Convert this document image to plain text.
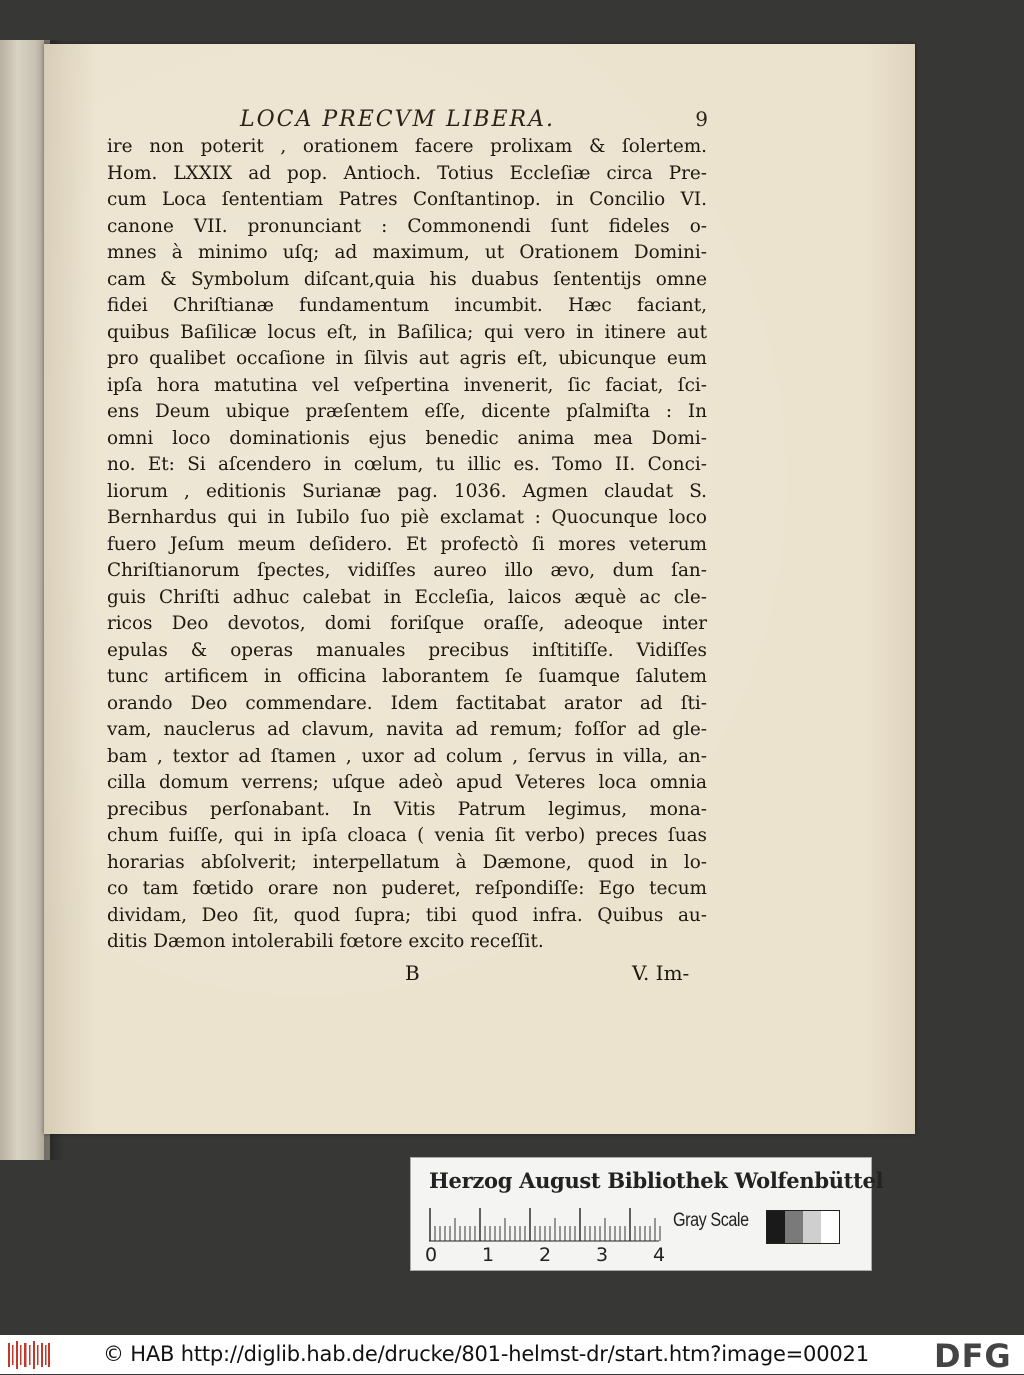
LOCA PRECVM LIBERA.	9
ire non poterit , orationem facere prolixam & ſolertem.
Hom. LXXIX ad pop. Antioch. Totius Eccleſiæ circa Pre-
cum Loca ſententiam Patres Conſtantinop. in Concilio VI.
canone VII. pronunciant : Commonendi ſunt fideles o-
mnes à minimo uſq; ad maximum, ut Orationem Domini-
cam & Symbolum diſcant,quia his duabus ſententijs omne
fidei Chriſtianæ fundamentum incumbit. Hæc faciant,
quibus Baſilicæ locus eſt, in Baſilica; qui vero in itinere aut
pro qualibet occaſione in ſilvis aut agris eſt, ubicunque eum
ipſa hora matutina vel veſpertina invenerit, ſic faciat, ſci-
ens Deum ubique præſentem eſſe, dicente pſalmiſta : In
omni loco dominationis ejus benedic anima mea Domi-
no. Et: Si aſcendero in cœlum, tu illic es. Tomo II. Conci-
liorum , editionis Surianæ pag. 1036. Agmen claudat S.
Bernhardus qui in Iubilo ſuo piè exclamat : Quocunque loco
fuero Jeſum meum deſidero. Et profectò ſi mores veterum
Chriſtianorum ſpectes, vidiſſes aureo illo ævo, dum ſan-
guis Chriſti adhuc calebat in Eccleſia, laicos æquè ac cle-
ricos Deo devotos, domi foriſque oraſſe, adeoque inter
epulas & operas manuales precibus inſtitiſſe. Vidiſſes
tunc artificem in officina laborantem ſe ſuamque ſalutem
orando Deo commendare. Idem factitabat arator ad ſti-
vam, nauclerus ad clavum, navita ad remum; foſſor ad gle-
bam , textor ad ſtamen , uxor ad colum , ſervus in villa, an-
cilla domum verrens; uſque adeò apud Veteres loca omnia
precibus perſonabant. In Vitis Patrum legimus, mona-
chum fuiſſe, qui in ipſa cloaca ( venia ſit verbo) preces ſuas
horarias abſolverit; interpellatum à Dæmone, quod in lo-
co tam fœtido orare non puderet, reſpondiſſe: Ego tecum
dividam, Deo ſit, quod ſupra; tibi quod infra. Quibus au-
ditis Dæmon intolerabili fœtore excito receſſit.
B	V. Im-
Herzog August Bibliothek Wolfenbüttel
0 1 2 3 4
Gray Scale
© HAB http://diglib.hab.de/drucke/801-helmst-dr/start.htm?image=00021 DFG
